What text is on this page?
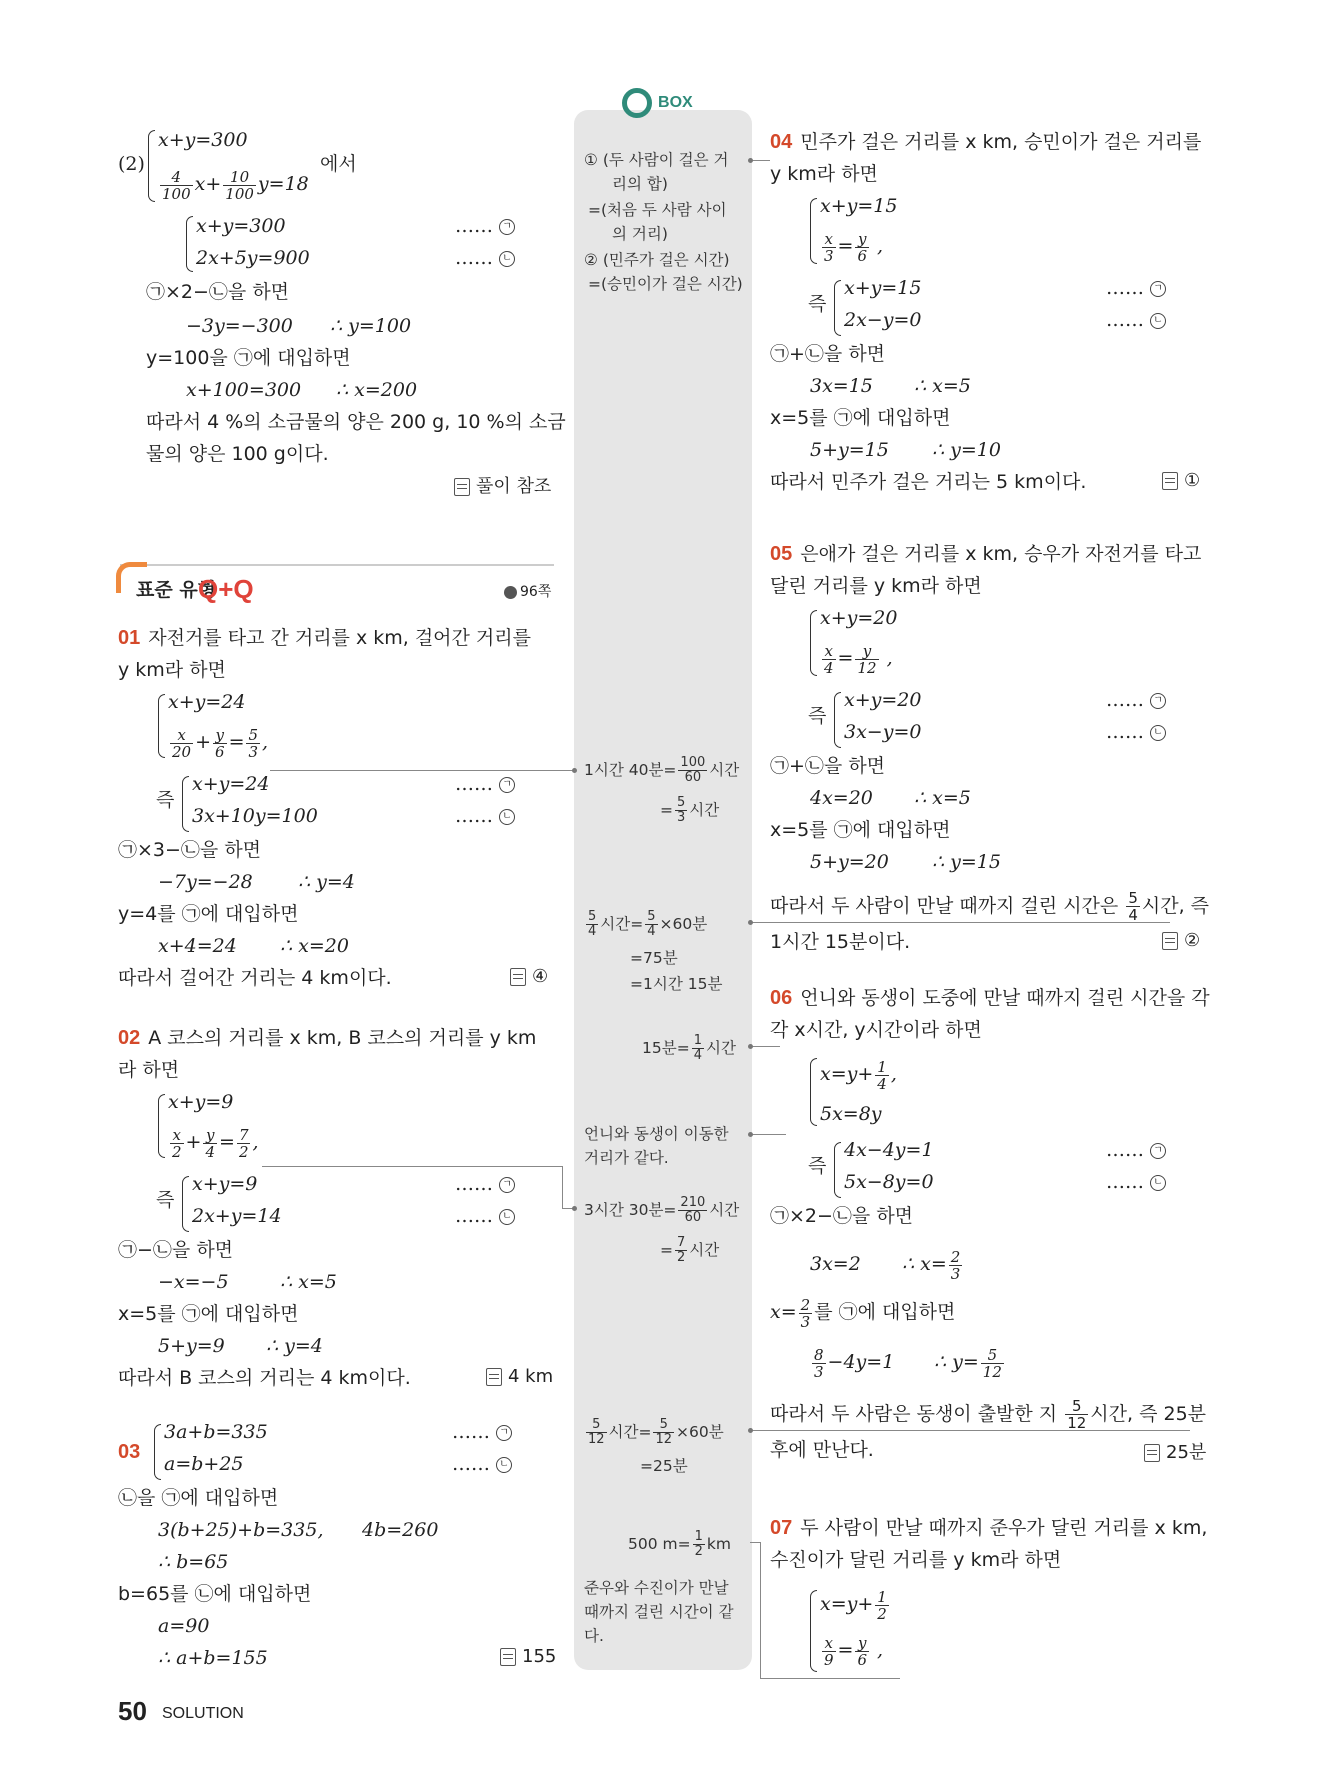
BOX
(2)
x+y=300
$\frac{4}{100} x+ \frac{10}{100} y=18$
에서
x+y=300	…… ㄱ
2x+5y=900	…… ㄴ
㉠×2−㉡을 하면
−3y=−300 ∴ y=100
y=100을 ㉠에 대입하면
x+100=300 ∴ x=200
따라서 4 %의 소금물의 양은 200 g, 10 %의 소금
물의 양은 100 g이다.
풀이 참조
표준 유형
Q+Q	96쪽
01 자전거를 타고 간 거리를 x km, 걸어간 거리를
y km라 하면
x+y=24
$\frac{x}{20} + \frac{y}{6} = \frac{5}{3}$ ,
즉
x+y=24	…… ㄱ
3x+10y=100	…… ㄴ
㉠×3−㉡을 하면
−7y=−28 ∴ y=4
y=4를 ㉠에 대입하면
x+4=24 ∴ x=20
따라서 걸어간 거리는 4 km이다.	④
02 A 코스의 거리를 x km, B 코스의 거리를 y km
라 하면
x+y=9
$\frac{x}{2} + \frac{y}{4} = \frac{7}{2}$ ,
즉
x+y=9	…… ㄱ
2x+y=14	…… ㄴ
㉠−㉡을 하면
−x=−5	∴ x=5
x=5를 ㉠에 대입하면
5+y=9 ∴ y=4
따라서 B 코스의 거리는 4 km이다.	4 km
03
3a+b=335	…… ㄱ
a=b+25	…… ㄴ
㉡을 ㉠에 대입하면
3(b+25)+b=335, 4b=260
∴ b=65
b=65를 ㉡에 대입하면
a=90
∴ a+b=155	155
50 SOLUTION
① (두 사람이 걸은 거
리의 합)
=(처음 두 사람 사이
의 거리)
② (민주가 걸은 시간)
=(승민이가 걸은 시간)
1시간 40분= $\frac{100}{60}$ 시간
= $\frac{5}{3}$ 시간
$\frac{5}{4}$ 시간= $\frac{5}{4} \times 60$분
=75분
=1시간 15분
15분= $\frac{1}{4}$ 시간
언니와 동생이 이동한
거리가 같다.
3시간 30분= $\frac{210}{60}$ 시간
= $\frac{7}{2}$ 시간
$\frac{5}{12}$ 시간= $\frac{5}{12} \times 60$분
=25분
500 $m= \frac{1}{2}$ km
준우와 수진이가 만날
때까지 걸린 시간이 같
다.
04 민주가 걸은 거리를 x km, 승민이가 걸은 거리를
y km라 하면
x+y=15
$\frac{x}{3} = \frac{y}{6}$ ,
즉
x+y=15	…… ㄱ
2x−y=0	…… ㄴ
㉠+㉡을 하면
3x=15 ∴ x=5
x=5를 ㉠에 대입하면
5+y=15 ∴ y=10
따라서 민주가 걸은 거리는 5 km이다.	①
05 은애가 걸은 거리를 x km, 승우가 자전거를 타고
달린 거리를 y km라 하면
x+y=20
$\frac{x}{4} = \frac{y}{12}$ ,
즉
x+y=20	…… ㄱ
3x−y=0	…… ㄴ
㉠+㉡을 하면
4x=20 ∴ x=5
x=5를 ㉠에 대입하면
5+y=20 ∴ y=15
따라서 두 사람이 만날 때까지 걸린 시간은 $\frac{5}{4}$ 시간, 즉
1시간 15분이다.	②
06 언니와 동생이 도중에 만날 때까지 걸린 시간을 각
각 x시간, y시간이라 하면
$x=y+ \frac{1}{4}$ ,
5x=8y
즉
4x−4y=1	…… ㄱ
5x−8y=0	…… ㄴ
㉠×2−㉡을 하면
3x=2 ∴ $x= \frac{2}{3}$
$x= \frac{2}{3}$ 를 ㉠에 대입하면
$\frac{8}{3} -4y=1$ ∴ $y= \frac{5}{12}$
따라서 두 사람은 동생이 출발한 지 $\frac{5}{12}$ 시간, 즉 25분
후에 만난다.	25분
07 두 사람이 만날 때까지 준우가 달린 거리를 x km,
수진이가 달린 거리를 y km라 하면
$x=y+ \frac{1}{2}$
$\frac{x}{9} = \frac{y}{6}$ ,
